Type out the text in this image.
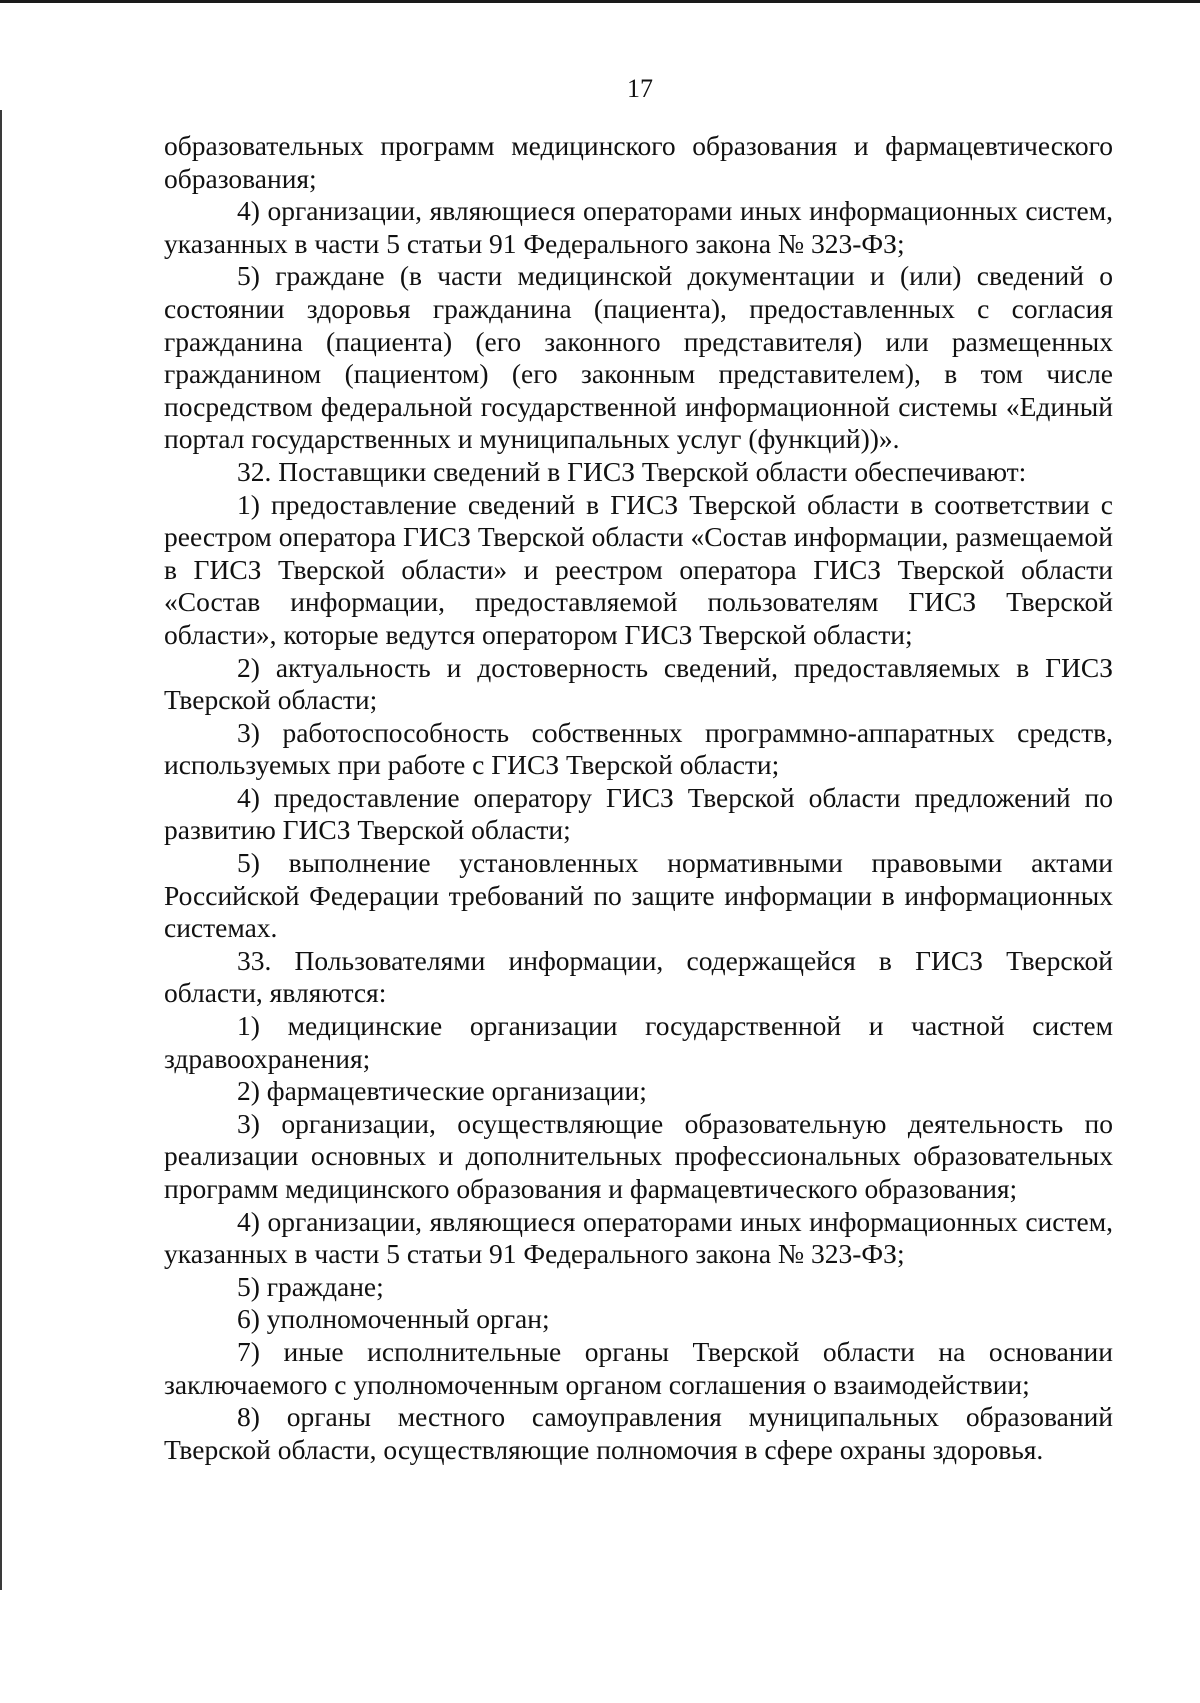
17

образовательных программ медицинского образования и фармацевтического образования;

4) организации, являющиеся операторами иных информационных систем, указанных в части 5 статьи 91 Федерального закона № 323-ФЗ;

5) граждане (в части медицинской документации и (или) сведений о состоянии здоровья гражданина (пациента), предоставленных с согласия гражданина (пациента) (его законного представителя) или размещенных гражданином (пациентом) (его законным представителем), в том числе посредством федеральной государственной информационной системы «Единый портал государственных и муниципальных услуг (функций))».

32. Поставщики сведений в ГИСЗ Тверской области обеспечивают:

1) предоставление сведений в ГИСЗ Тверской области в соответствии с реестром оператора ГИСЗ Тверской области «Состав информации, размещаемой в ГИСЗ Тверской области» и реестром оператора ГИСЗ Тверской области «Состав информации, предоставляемой пользователям ГИСЗ Тверской области», которые ведутся оператором ГИСЗ Тверской области;

2) актуальность и достоверность сведений, предоставляемых в ГИСЗ Тверской области;

3) работоспособность собственных программно-аппаратных средств, используемых при работе с ГИСЗ Тверской области;

4) предоставление оператору ГИСЗ Тверской области предложений по развитию ГИСЗ Тверской области;

5) выполнение установленных нормативными правовыми актами Российской Федерации требований по защите информации в информационных системах.

33. Пользователями информации, содержащейся в ГИСЗ Тверской области, являются:

1) медицинские организации государственной и частной систем здравоохранения;

2) фармацевтические организации;

3) организации, осуществляющие образовательную деятельность по реализации основных и дополнительных профессиональных образовательных программ медицинского образования и фармацевтического образования;

4) организации, являющиеся операторами иных информационных систем, указанных в части 5 статьи 91 Федерального закона № 323-ФЗ;

5) граждане;

6) уполномоченный орган;

7) иные исполнительные органы Тверской области на основании заключаемого с уполномоченным органом соглашения о взаимодействии;

8) органы местного самоуправления муниципальных образований Тверской области, осуществляющие полномочия в сфере охраны здоровья.
